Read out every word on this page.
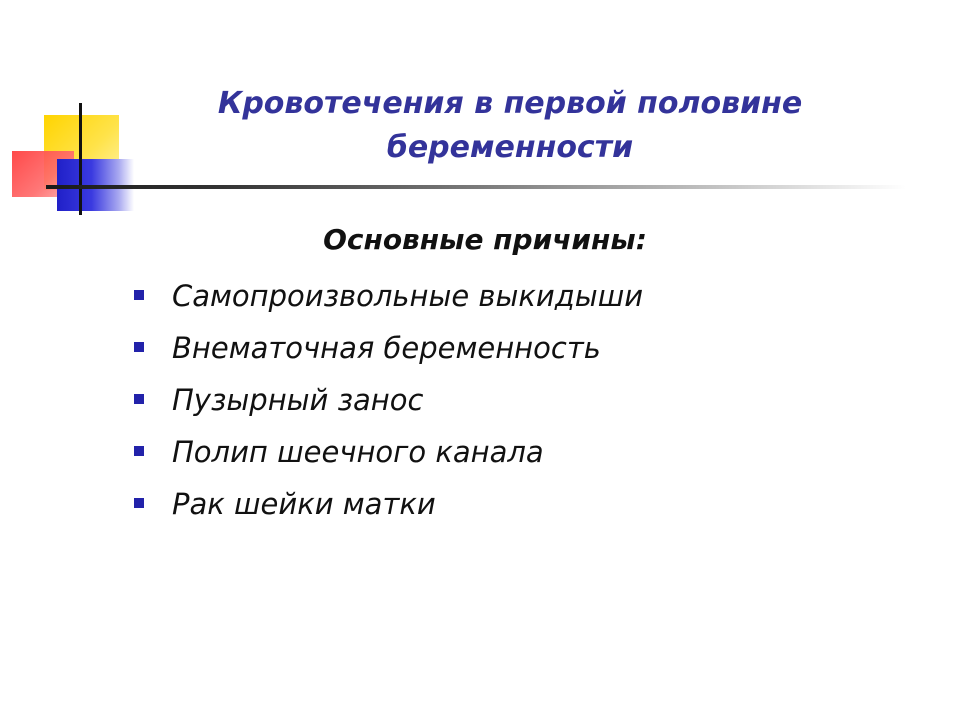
Кровотечения в первой половине беременности
Основные причины:
Самопроизвольные выкидыши
Внематочная беременность
Пузырный занос
Полип шеечного канала
Рак шейки матки
